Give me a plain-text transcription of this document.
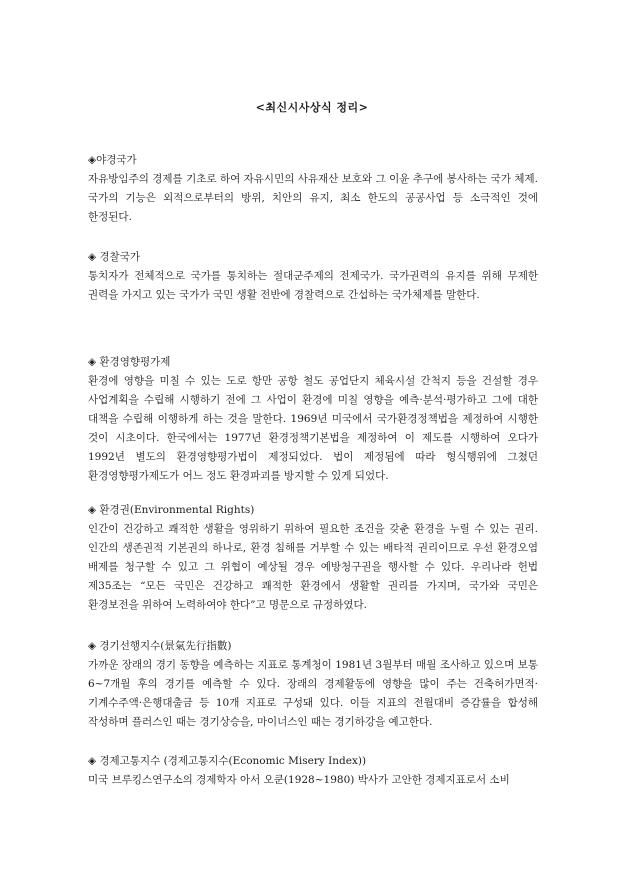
<최신시사상식 정리>
◈야경국가
자유방임주의 경제를 기초로 하여 자유시민의 사유재산 보호와 그 이윤 추구에 봉사하는 국가 체제. 국가의 기능은 외적으로부터의 방위, 치안의 유지, 최소 한도의 공공사업 등 소극적인 것에 한정된다.
◈ 경찰국가
통치자가 전체적으로 국가를 통치하는 절대군주제의 전제국가. 국가권력의 유지를 위해 무제한 권력을 가지고 있는 국가가 국민 생활 전반에 경찰력으로 간섭하는 국가체제를 말한다.
◈ 환경영향평가제
환경에 영향을 미칠 수 있는 도로 항만 공항 철도 공업단지 체육시설 간척지 등을 건설할 경우 사업계획을 수립해 시행하기 전에 그 사업이 환경에 미칠 영향을 예측·분석·평가하고 그에 대한 대책을 수립해 이행하게 하는 것을 말한다. 1969년 미국에서 국가환경정책법을 제정하여 시행한 것이 시초이다. 한국에서는 1977년 환경정책기본법을 제정하여 이 제도를 시행하여 오다가 1992년 별도의 환경영향평가법이 제정되었다. 법이 제정됨에 따라 형식행위에 그쳤던 환경영향평가제도가 어느 정도 환경파괴를 방지할 수 있게 되었다.
◈ 환경권(Environmental Rights)
인간이 건강하고 쾌적한 생활을 영위하기 위하여 필요한 조건을 갖춘 환경을 누릴 수 있는 권리. 인간의 생존권적 기본권의 하나로, 환경 침해를 거부할 수 있는 배타적 권리이므로 우선 환경오염 배제를 청구할 수 있고 그 위협이 예상될 경우 예방청구권을 행사할 수 있다. 우리나라 헌법 제35조는 “모든 국민은 건강하고 쾌적한 환경에서 생활할 권리를 가지며, 국가와 국민은 환경보전을 위하여 노력하여야 한다”고 명문으로 규정하였다.
◈ 경기선행지수(景氣先行指數)
가까운 장래의 경기 동향을 예측하는 지표로 통계청이 1981년 3월부터 매월 조사하고 있으며 보통 6~7개월 후의 경기를 예측할 수 있다. 장래의 경제활동에 영향을 많이 주는 건축허가면적·기계수주액·은행대출금 등 10개 지표로 구성돼 있다. 이들 지표의 전월대비 증감률을 합성해 작성하며 플러스인 때는 경기상승을, 마이너스인 때는 경기하강을 예고한다.
◈ 경제고통지수 (경제고통지수(Economic Misery Index))
미국 브루킹스연구소의 경제학자 아서 오쿤(1928~1980) 박사가 고안한 경제지표로서 소비
